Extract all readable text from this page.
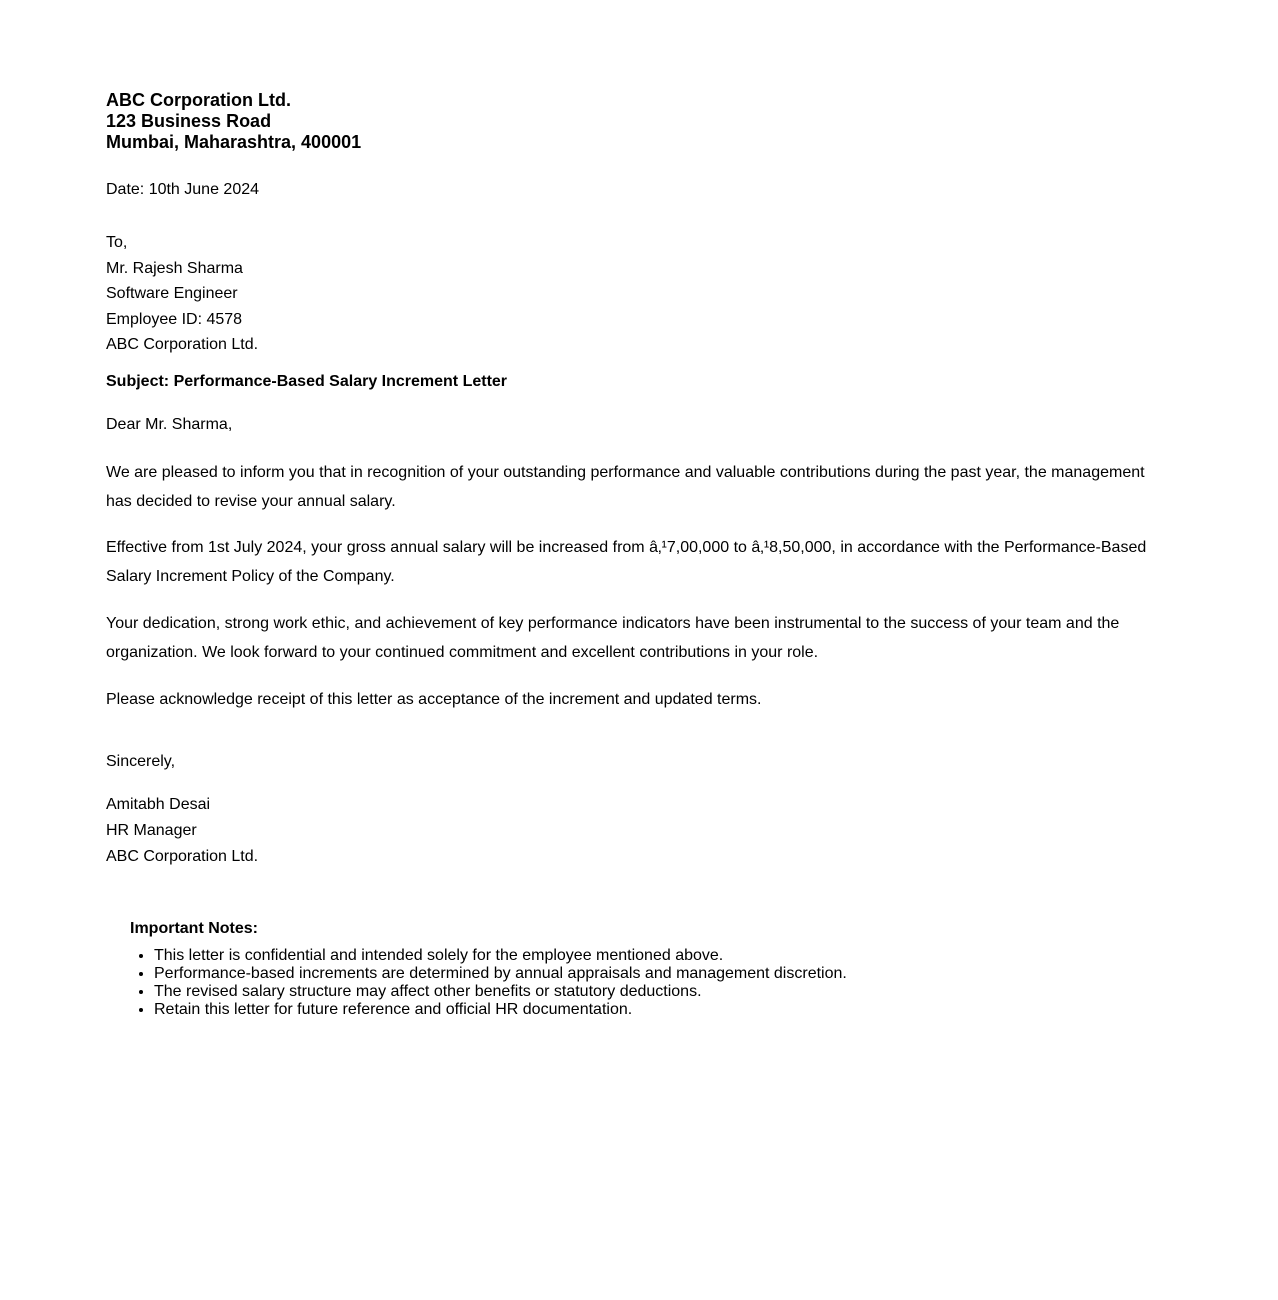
ABC Corporation Ltd.
123 Business Road
Mumbai, Maharashtra, 400001
Date: 10th June 2024
To,
Mr. Rajesh Sharma
Software Engineer
Employee ID: 4578
ABC Corporation Ltd.
Subject: Performance-Based Salary Increment Letter
Dear Mr. Sharma,
We are pleased to inform you that in recognition of your outstanding performance and valuable contributions during the past year, the management has decided to revise your annual salary.
Effective from 1st July 2024, your gross annual salary will be increased from â‚¹7,00,000 to â‚¹8,50,000, in accordance with the Performance-Based Salary Increment Policy of the Company.
Your dedication, strong work ethic, and achievement of key performance indicators have been instrumental to the success of your team and the organization. We look forward to your continued commitment and excellent contributions in your role.
Please acknowledge receipt of this letter as acceptance of the increment and updated terms.
Sincerely,
Amitabh Desai
HR Manager
ABC Corporation Ltd.
Important Notes:
• This letter is confidential and intended solely for the employee mentioned above.
• Performance-based increments are determined by annual appraisals and management discretion.
• The revised salary structure may affect other benefits or statutory deductions.
• Retain this letter for future reference and official HR documentation.
